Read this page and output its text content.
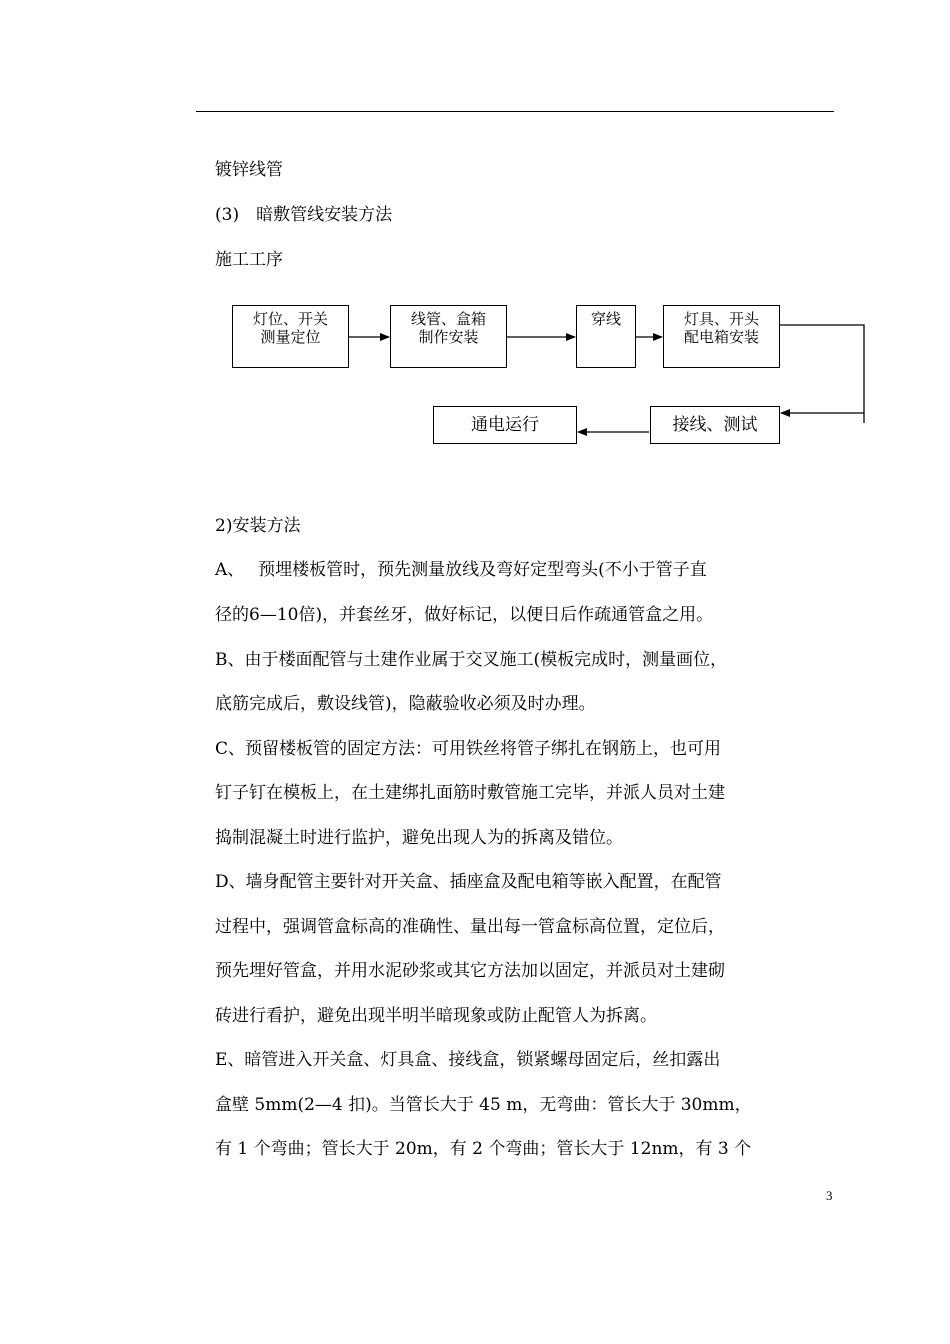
镀锌线管
(3)　暗敷管线安装方法
施工工序
灯位、开关
测量定位
线管、盒箱
制作安装
穿线	灯具、开头
配电箱安装
接线、测试
通电运行
2)安装方法
A、　 预埋楼板管时，预先测量放线及弯好定型弯头(不小于管子直
径的6—10倍)，并套丝牙，做好标记，以便日后作疏通管盒之用。
B、由于楼面配管与土建作业属于交叉施工(模板完成时，测量画位，
底筋完成后，敷设线管)，隐蔽验收必须及时办理。
C、预留楼板管的固定方法：可用铁丝将管子绑扎在钢筋上，也可用
钉子钉在模板上，在土建绑扎面筋时敷管施工完毕，并派人员对土建
捣制混凝土时进行监护，避免出现人为的拆离及错位。
D、墙身配管主要针对开关盒、插座盒及配电箱等嵌入配置，在配管
过程中，强调管盒标高的准确性、量出每一管盒标高位置，定位后，
预先埋好管盒，并用水泥砂浆或其它方法加以固定，并派员对土建砌
砖进行看护，避免出现半明半暗现象或防止配管人为拆离。
E、暗管进入开关盒、灯具盒、接线盒，锁紧螺母固定后，丝扣露出
盒壁 5mm(2—4 扣)。当管长大于 45 m，无弯曲：管长大于 30mm，
有 1 个弯曲；管长大于 20m，有 2 个弯曲；管长大于 12nm，有 3 个
3
